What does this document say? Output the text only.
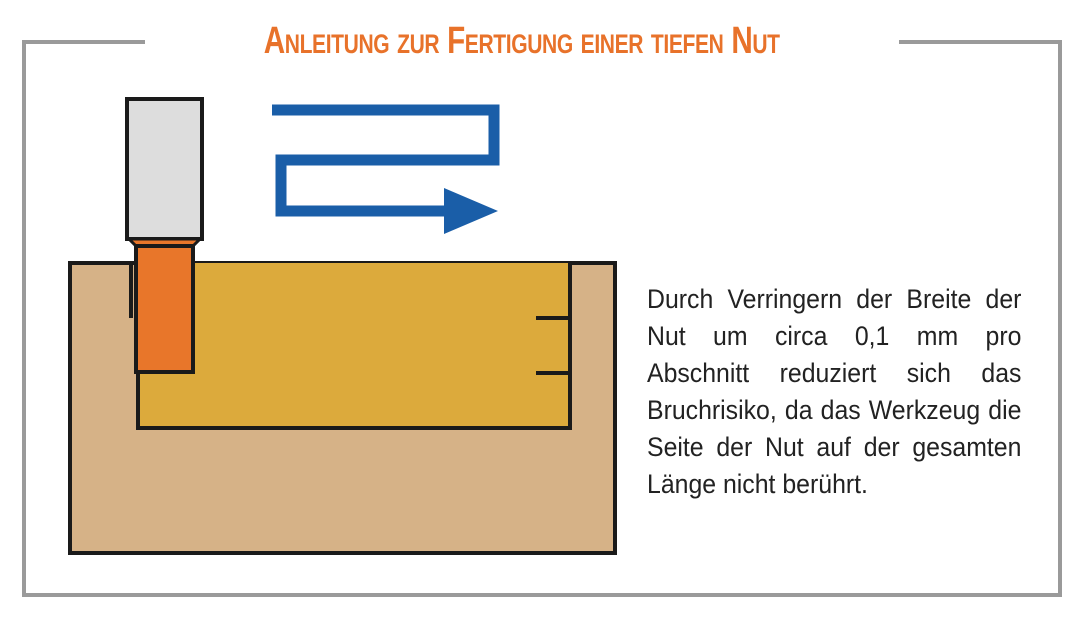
Anleitung zur Fertigung einer tiefen Nut
Durch Verringern der Breite der Nut um circa 0,1 mm pro Abschnitt reduziert sich das Bruchrisiko, da das Werkzeug die Seite der Nut auf der gesamten Länge nicht berührt.
